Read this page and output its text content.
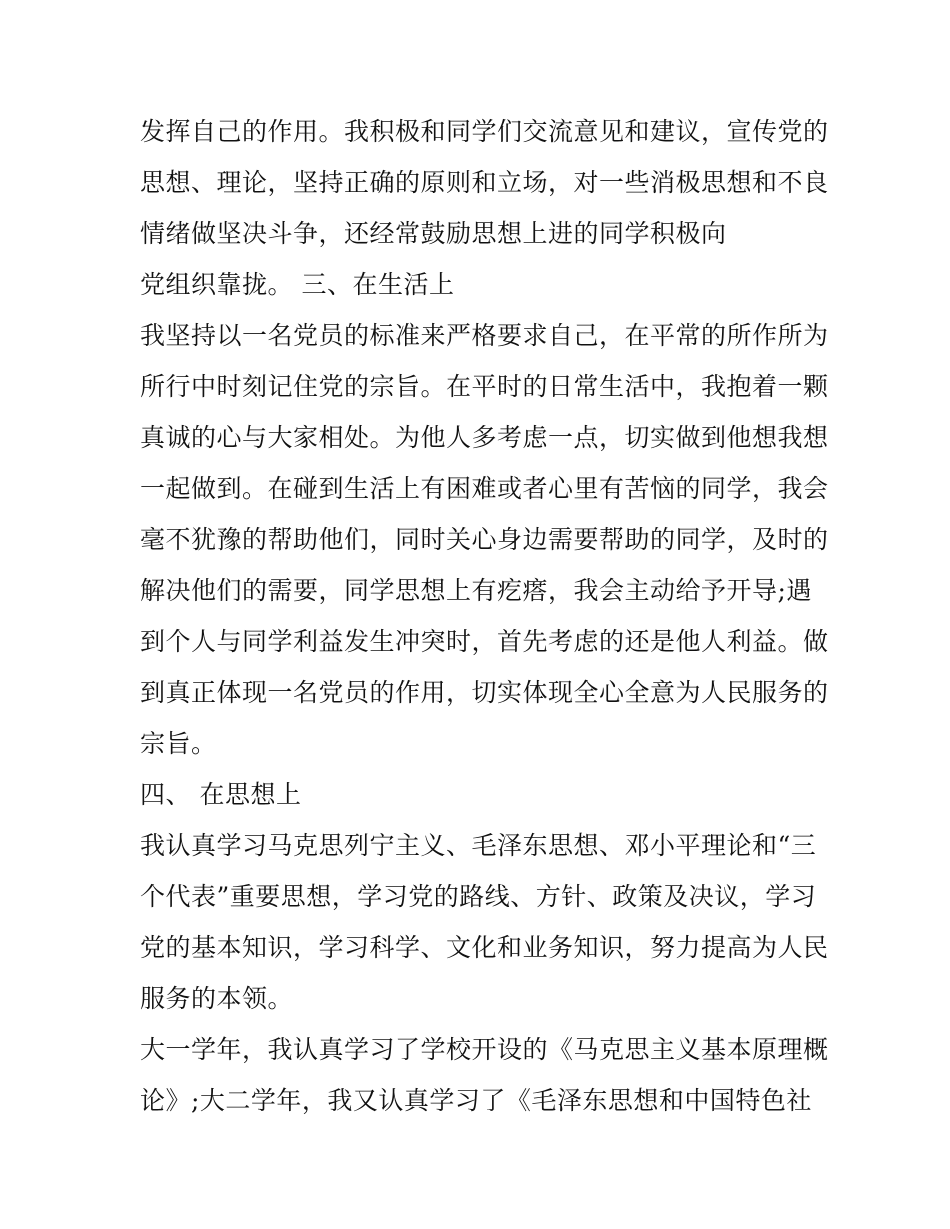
发挥自己的作用。我积极和同学们交流意见和建议，宣传党的
思想、理论，坚持正确的原则和立场，对一些消极思想和不良
情绪做坚决斗争，还经常鼓励思想上进的同学积极向
党组织靠拢。 三、在生活上
我坚持以一名党员的标准来严格要求自己，在平常的所作所为
所行中时刻记住党的宗旨。在平时的日常生活中，我抱着一颗
真诚的心与大家相处。为他人多考虑一点，切实做到他想我想
一起做到。在碰到生活上有困难或者心里有苦恼的同学，我会
毫不犹豫的帮助他们，同时关心身边需要帮助的同学，及时的
解决他们的需要，同学思想上有疙瘩，我会主动给予开导;遇
到个人与同学利益发生冲突时，首先考虑的还是他人利益。做
到真正体现一名党员的作用，切实体现全心全意为人民服务的
宗旨。
四、 在思想上
我认真学习马克思列宁主义、毛泽东思想、邓小平理论和“三
个代表”重要思想，学习党的路线、方针、政策及决议，学习
党的基本知识，学习科学、文化和业务知识，努力提高为人民
服务的本领。
大一学年，我认真学习了学校开设的《马克思主义基本原理概
论》;大二学年，我又认真学习了《毛泽东思想和中国特色社
